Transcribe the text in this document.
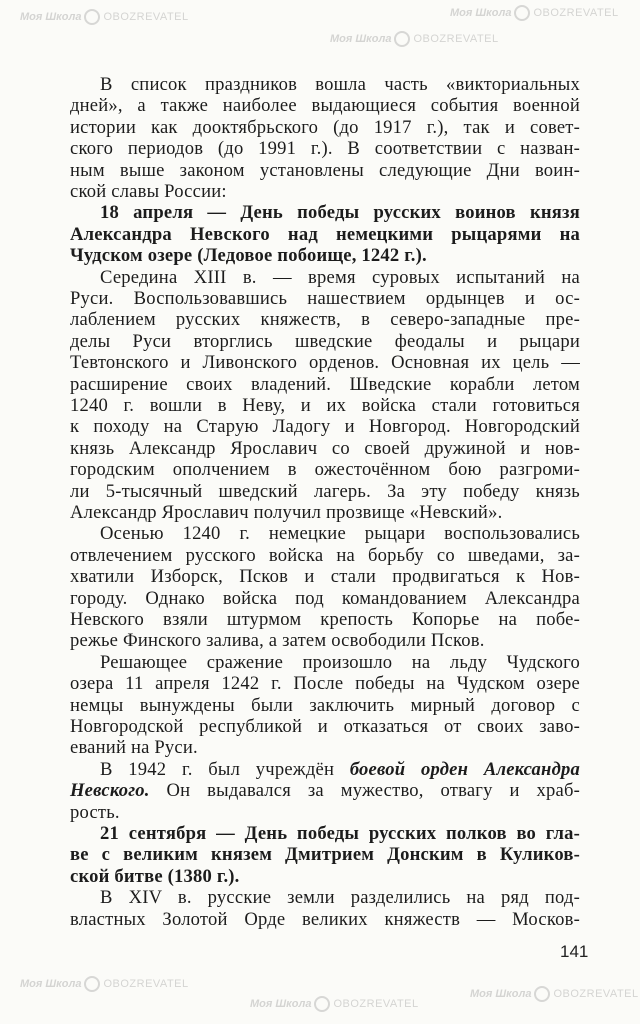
Моя Школа OBOZREVATEL
Моя Школа OBOZREVATEL
Моя Школа OBOZREVATEL
Моя Школа OBOZREVATEL
Моя Школа OBOZREVATEL
Моя Школа OBOZREVATEL
В список праздников вошла часть «викториальных
дней», а также наиболее выдающиеся события военной
истории как дооктябрьского (до 1917 г.), так и совет-
ского периодов (до 1991 г.). В соответствии с назван-
ным выше законом установлены следующие Дни воин-
ской славы России:
18 апреля — День победы русских воинов князя
Александра Невского над немецкими рыцарями на
Чудском озере (Ледовое побоище, 1242 г.).
Середина XIII в. — время суровых испытаний на
Руси. Воспользовавшись нашествием ордынцев и ос-
лаблением русских княжеств, в северо-западные пре-
делы Руси вторглись шведские феодалы и рыцари
Тевтонского и Ливонского орденов. Основная их цель —
расширение своих владений. Шведские корабли летом
1240 г. вошли в Неву, и их войска стали готовиться
к походу на Старую Ладогу и Новгород. Новгородский
князь Александр Ярославич со своей дружиной и нов-
городским ополчением в ожесточённом бою разгроми-
ли 5-тысячный шведский лагерь. За эту победу князь
Александр Ярославич получил прозвище «Невский».
Осенью 1240 г. немецкие рыцари воспользовались
отвлечением русского войска на борьбу со шведами, за-
хватили Изборск, Псков и стали продвигаться к Нов-
городу. Однако войска под командованием Александра
Невского взяли штурмом крепость Копорье на побе-
режье Финского залива, а затем освободили Псков.
Решающее сражение произошло на льду Чудского
озера 11 апреля 1242 г. После победы на Чудском озере
немцы вынуждены были заключить мирный договор с
Новгородской республикой и отказаться от своих заво-
еваний на Руси.
В 1942 г. был учреждён боевой орден Александра
Невского. Он выдавался за мужество, отвагу и храб-
рость.
21 сентября — День победы русских полков во гла-
ве с великим князем Дмитрием Донским в Куликов-
ской битве (1380 г.).
В XIV в. русские земли разделились на ряд под-
властных Золотой Орде великих княжеств — Москов-
141
